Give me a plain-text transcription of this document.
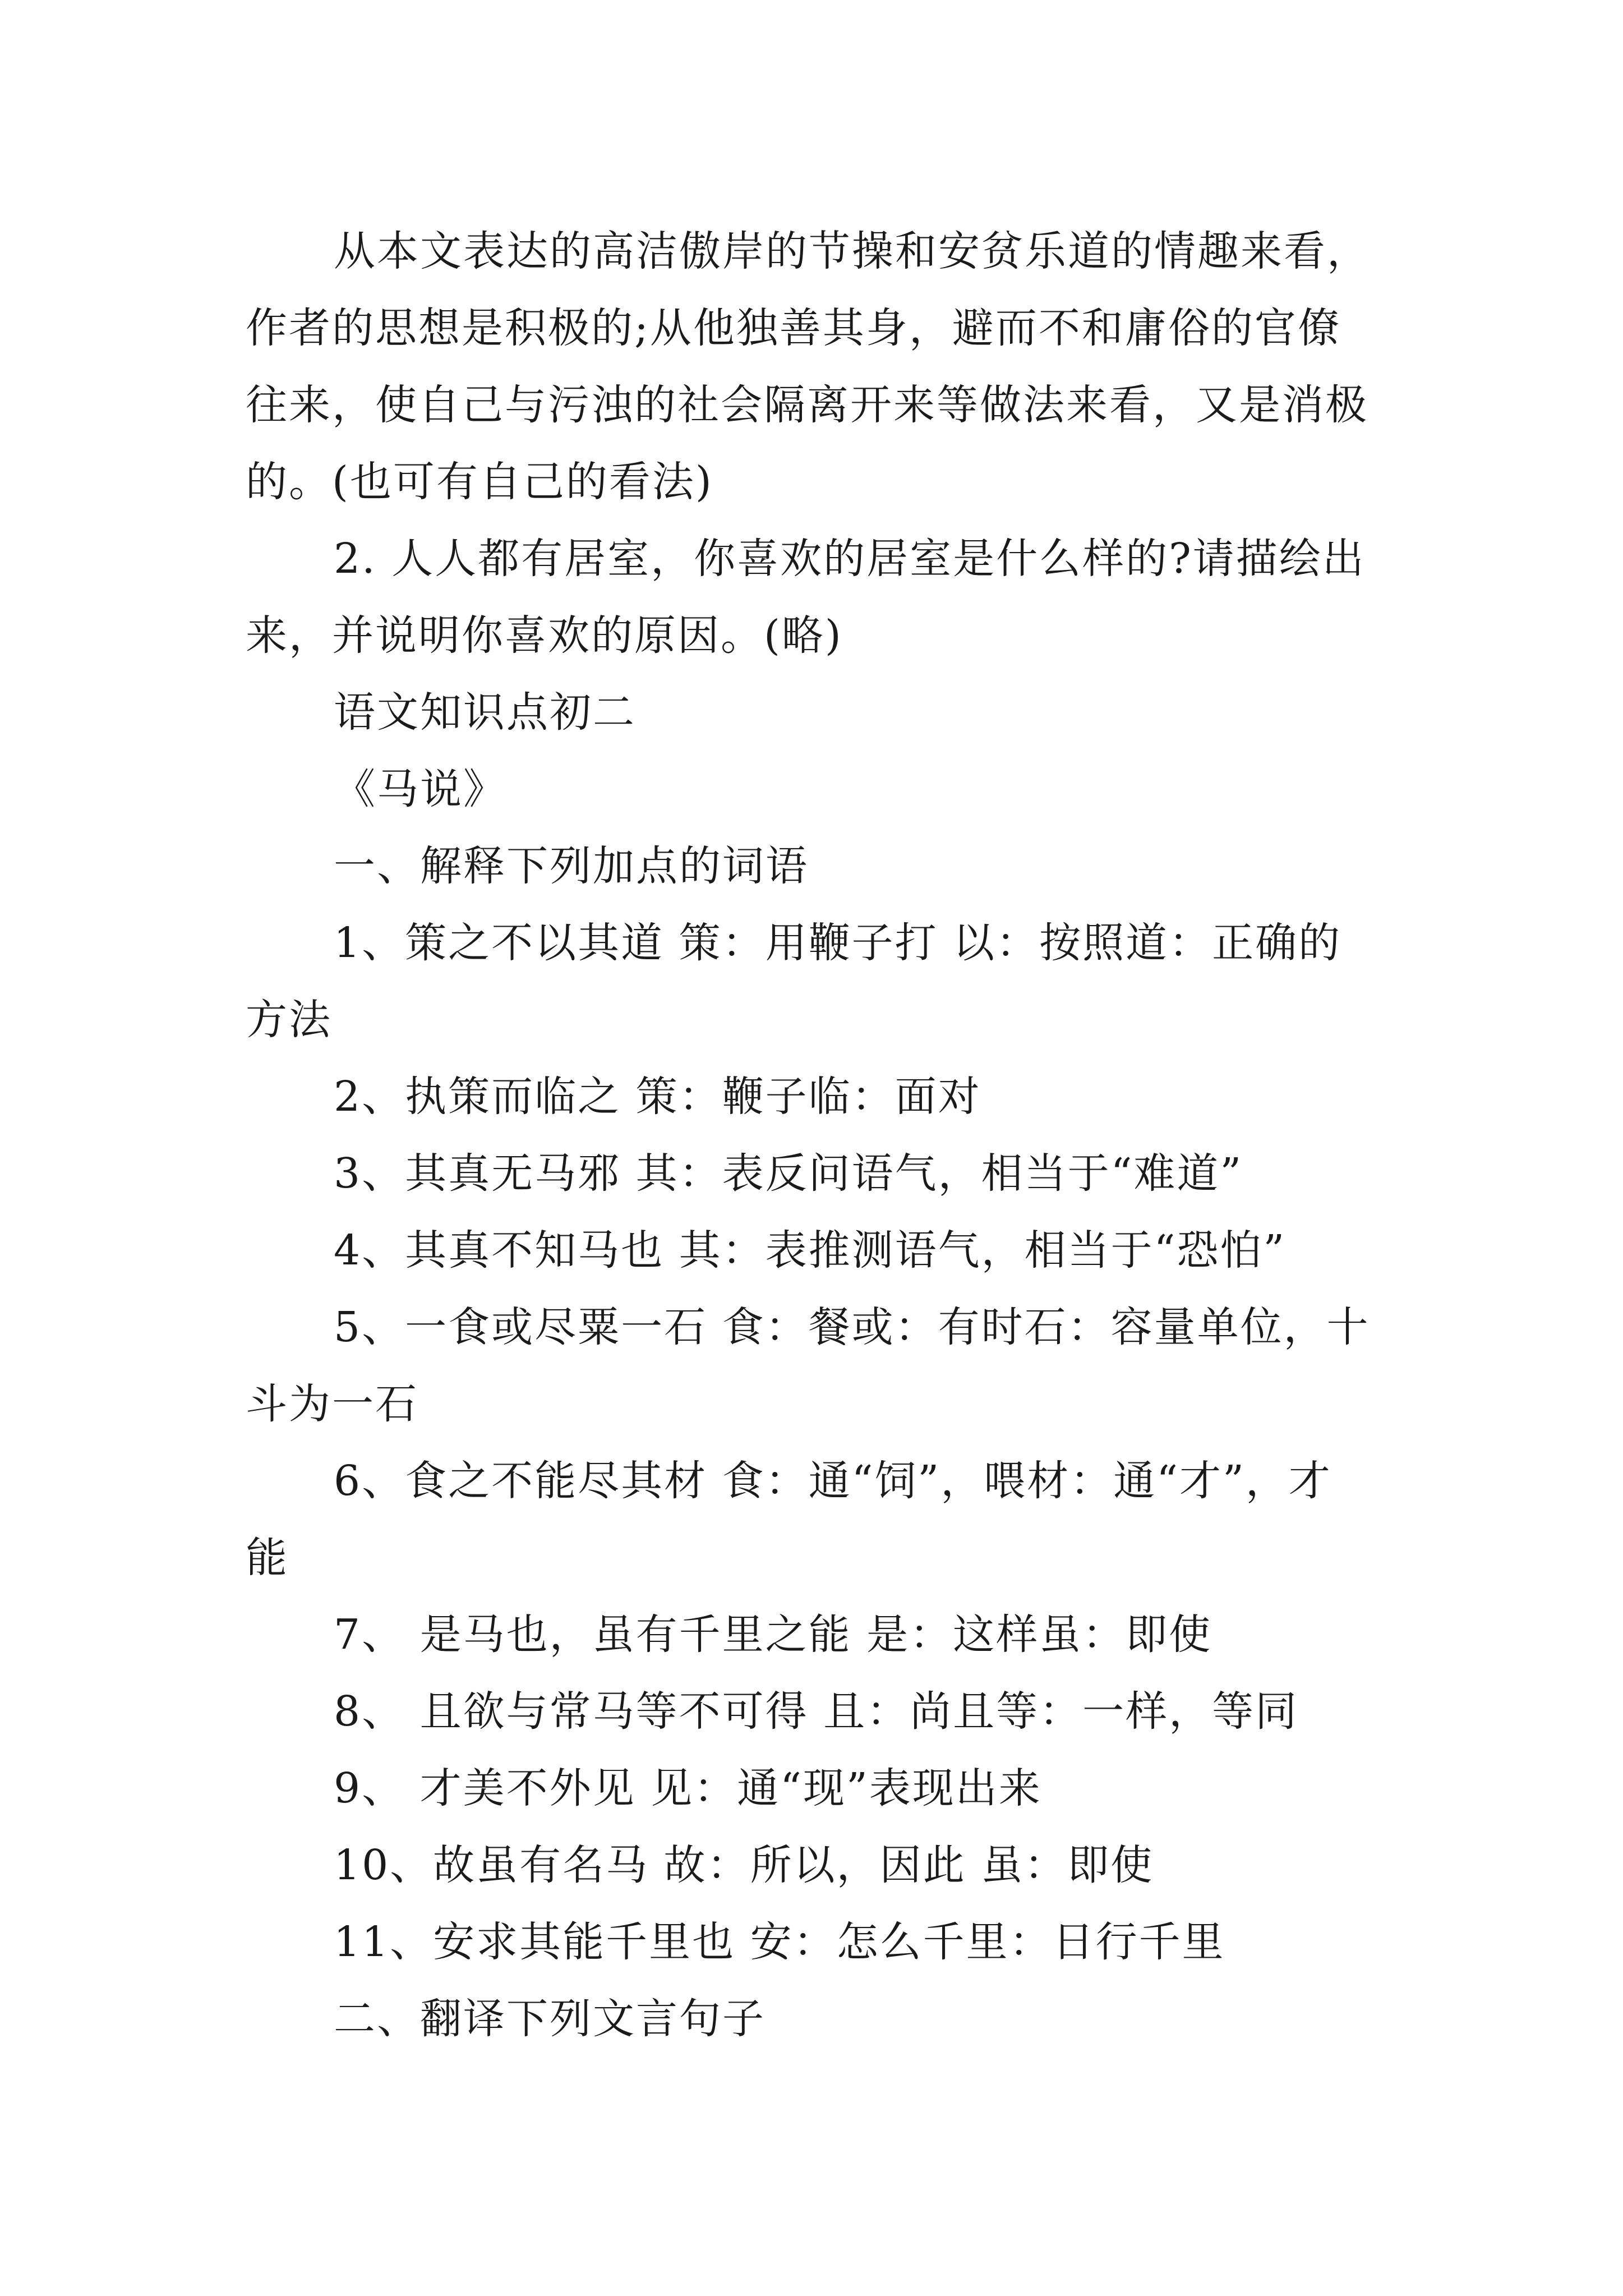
从本文表达的高洁傲岸的节操和安贫乐道的情趣来看，
作者的思想是积极的;从他独善其身，避而不和庸俗的官僚
往来，使自己与污浊的社会隔离开来等做法来看，又是消极
的。(也可有自己的看法)
2. 人人都有居室，你喜欢的居室是什么样的?请描绘出
来，并说明你喜欢的原因。(略)
语文知识点初二
《马说》
一、解释下列加点的词语
1、策之不以其道 策：用鞭子打 以：按照道：正确的
方法
2、执策而临之 策：鞭子临：面对
3、其真无马邪 其：表反问语气，相当于“难道”
4、其真不知马也 其：表推测语气，相当于“恐怕”
5、一食或尽粟一石 食：餐或：有时石：容量单位，十
斗为一石
6、食之不能尽其材 食：通“饲”，喂材：通“才”，才
能
7、 是马也，虽有千里之能 是：这样虽：即使
8、 且欲与常马等不可得 且：尚且等：一样，等同
9、 才美不外见 见：通“现”表现出来
10、故虽有名马 故：所以，因此 虽：即使
11、安求其能千里也 安：怎么千里：日行千里
二、翻译下列文言句子
